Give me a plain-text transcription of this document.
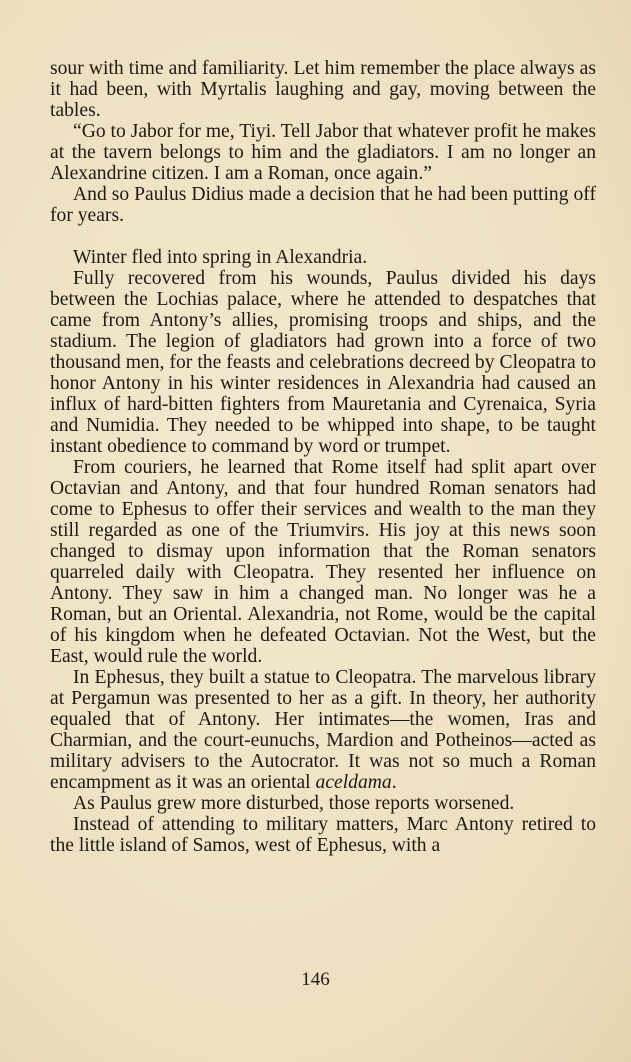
sour with time and familiarity. Let him remember the place always as it had been, with Myrtalis laughing and gay, moving between the tables.

“Go to Jabor for me, Tiyi. Tell Jabor that whatever profit he makes at the tavern belongs to him and the gladiators. I am no longer an Alexandrine citizen. I am a Roman, once again.”

And so Paulus Didius made a decision that he had been putting off for years.

Winter fled into spring in Alexandria.

Fully recovered from his wounds, Paulus divided his days between the Lochias palace, where he attended to despatches that came from Antony’s allies, promising troops and ships, and the stadium. The legion of gladiators had grown into a force of two thousand men, for the feasts and celebrations decreed by Cleopatra to honor Antony in his winter residences in Alexandria had caused an influx of hard-bitten fighters from Mauretania and Cyrenaica, Syria and Numidia. They needed to be whipped into shape, to be taught instant obedience to command by word or trumpet.

From couriers, he learned that Rome itself had split apart over Octavian and Antony, and that four hundred Roman senators had come to Ephesus to offer their services and wealth to the man they still regarded as one of the Triumvirs. His joy at this news soon changed to dismay upon information that the Roman senators quarreled daily with Cleopatra. They resented her influence on Antony. They saw in him a changed man. No longer was he a Roman, but an Oriental. Alexandria, not Rome, would be the capital of his kingdom when he defeated Octavian. Not the West, but the East, would rule the world.

In Ephesus, they built a statue to Cleopatra. The marvelous library at Pergamun was presented to her as a gift. In theory, her authority equaled that of Antony. Her intimates—the women, Iras and Charmian, and the court-eunuchs, Mardion and Potheinos—acted as military advisers to the Autocrator. It was not so much a Roman encampment as it was an oriental aceldama.

As Paulus grew more disturbed, those reports worsened.

Instead of attending to military matters, Marc Antony retired to the little island of Samos, west of Ephesus, with a

146
